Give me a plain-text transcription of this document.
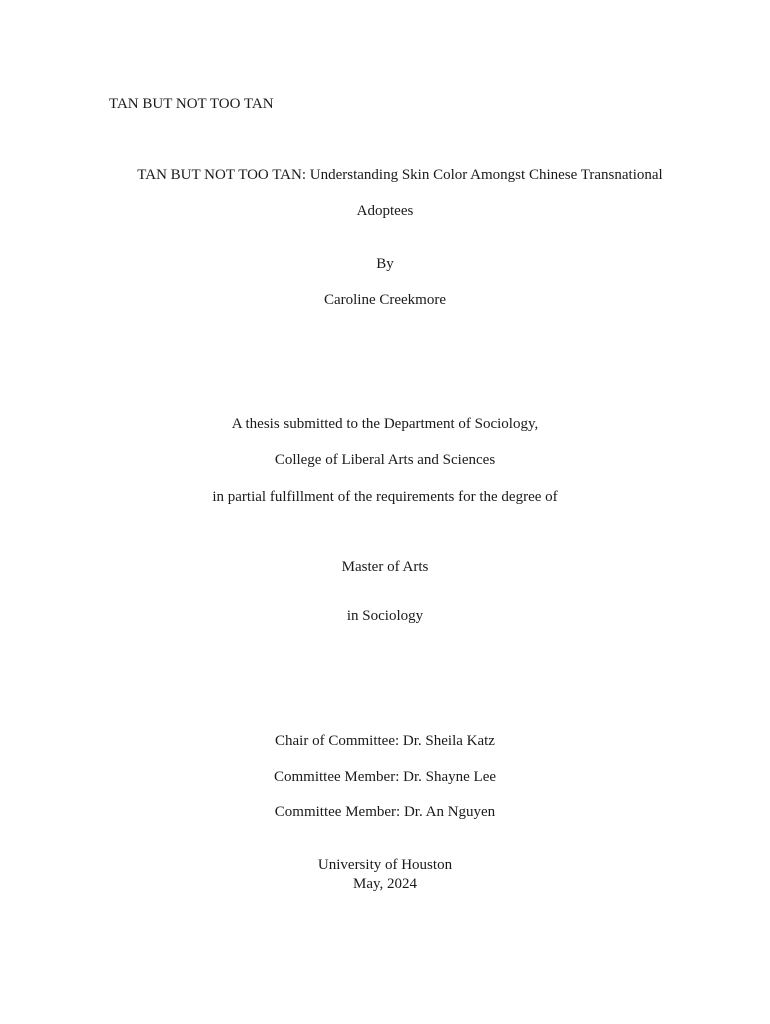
TAN BUT NOT TOO TAN
TAN BUT NOT TOO TAN: Understanding Skin Color Amongst Chinese Transnational
Adoptees
By
Caroline Creekmore
A thesis submitted to the Department of Sociology,
College of Liberal Arts and Sciences
in partial fulfillment of the requirements for the degree of
Master of Arts
in Sociology
Chair of Committee: Dr. Sheila Katz
Committee Member: Dr. Shayne Lee
Committee Member: Dr. An Nguyen
University of Houston
May, 2024
